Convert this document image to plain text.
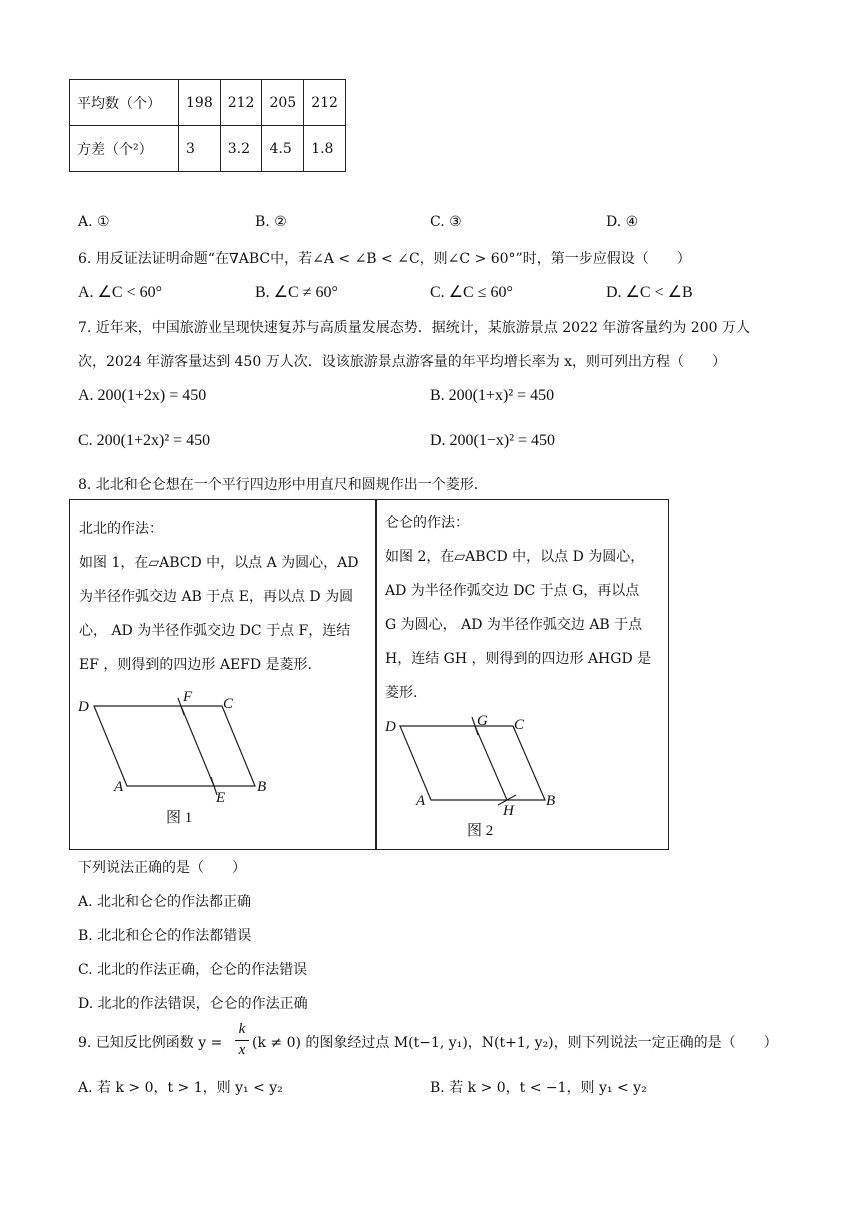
平均数（个）	198	212	205	212
方差（个²）	3	3.2	4.5	1.8
A. ①	B. ②	C. ③	D. ④
6. 用反证法证明命题“在∇ABC中，若∠A < ∠B < ∠C，则∠C > 60°”时，第一步应假设（　　）
A. ∠C < 60°	B. ∠C ≠ 60°	C. ∠C ≤ 60°	D. ∠C < ∠B
7. 近年来，中国旅游业呈现快速复苏与高质量发展态势．据统计，某旅游景点 2022 年游客量约为 200 万人
次，2024 年游客量达到 450 万人次．设该旅游景点游客量的年平均增长率为 x，则可列出方程（　　）
A. 200(1+2x) = 450	B. 200(1+x)² = 450
C. 200(1+2x)² = 450	D. 200(1−x)² = 450
8. 北北和仑仑想在一个平行四边形中用直尺和圆规作出一个菱形．
北北的作法：
如图 1，在▱ABCD 中，以点 A 为圆心，AD
为半径作弧交边 AB 于点 E，再以点 D 为圆
心， AD 为半径作弧交边 DC 于点 F，连结
EF ，则得到的四边形 AEFD 是菱形.
D
F C
A
E
B
图 1
仑仑的作法：
如图 2，在▱ABCD 中，以点 D 为圆心，
AD 为半径作弧交边 DC 于点 G，再以点
G 为圆心， AD 为半径作弧交边 AB 于点
H，连结 GH ，则得到的四边形 AHGD 是
菱形.
D	G C
A
H
B
图 2
下列说法正确的是（　　）
A. 北北和仑仑的作法都正确
B. 北北和仑仑的作法都错误
C. 北北的作法正确，仑仑的作法错误
D. 北北的作法错误，仑仑的作法正确
9. 已知反比例函数 y =
k
x (k ≠ 0) 的图象经过点 M(t−1, y₁)，N(t+1, y₂)，则下列说法一定正确的是（　　）
A. 若 k > 0，t > 1，则 y₁ < y₂	B. 若 k > 0，t < −1，则 y₁ < y₂
